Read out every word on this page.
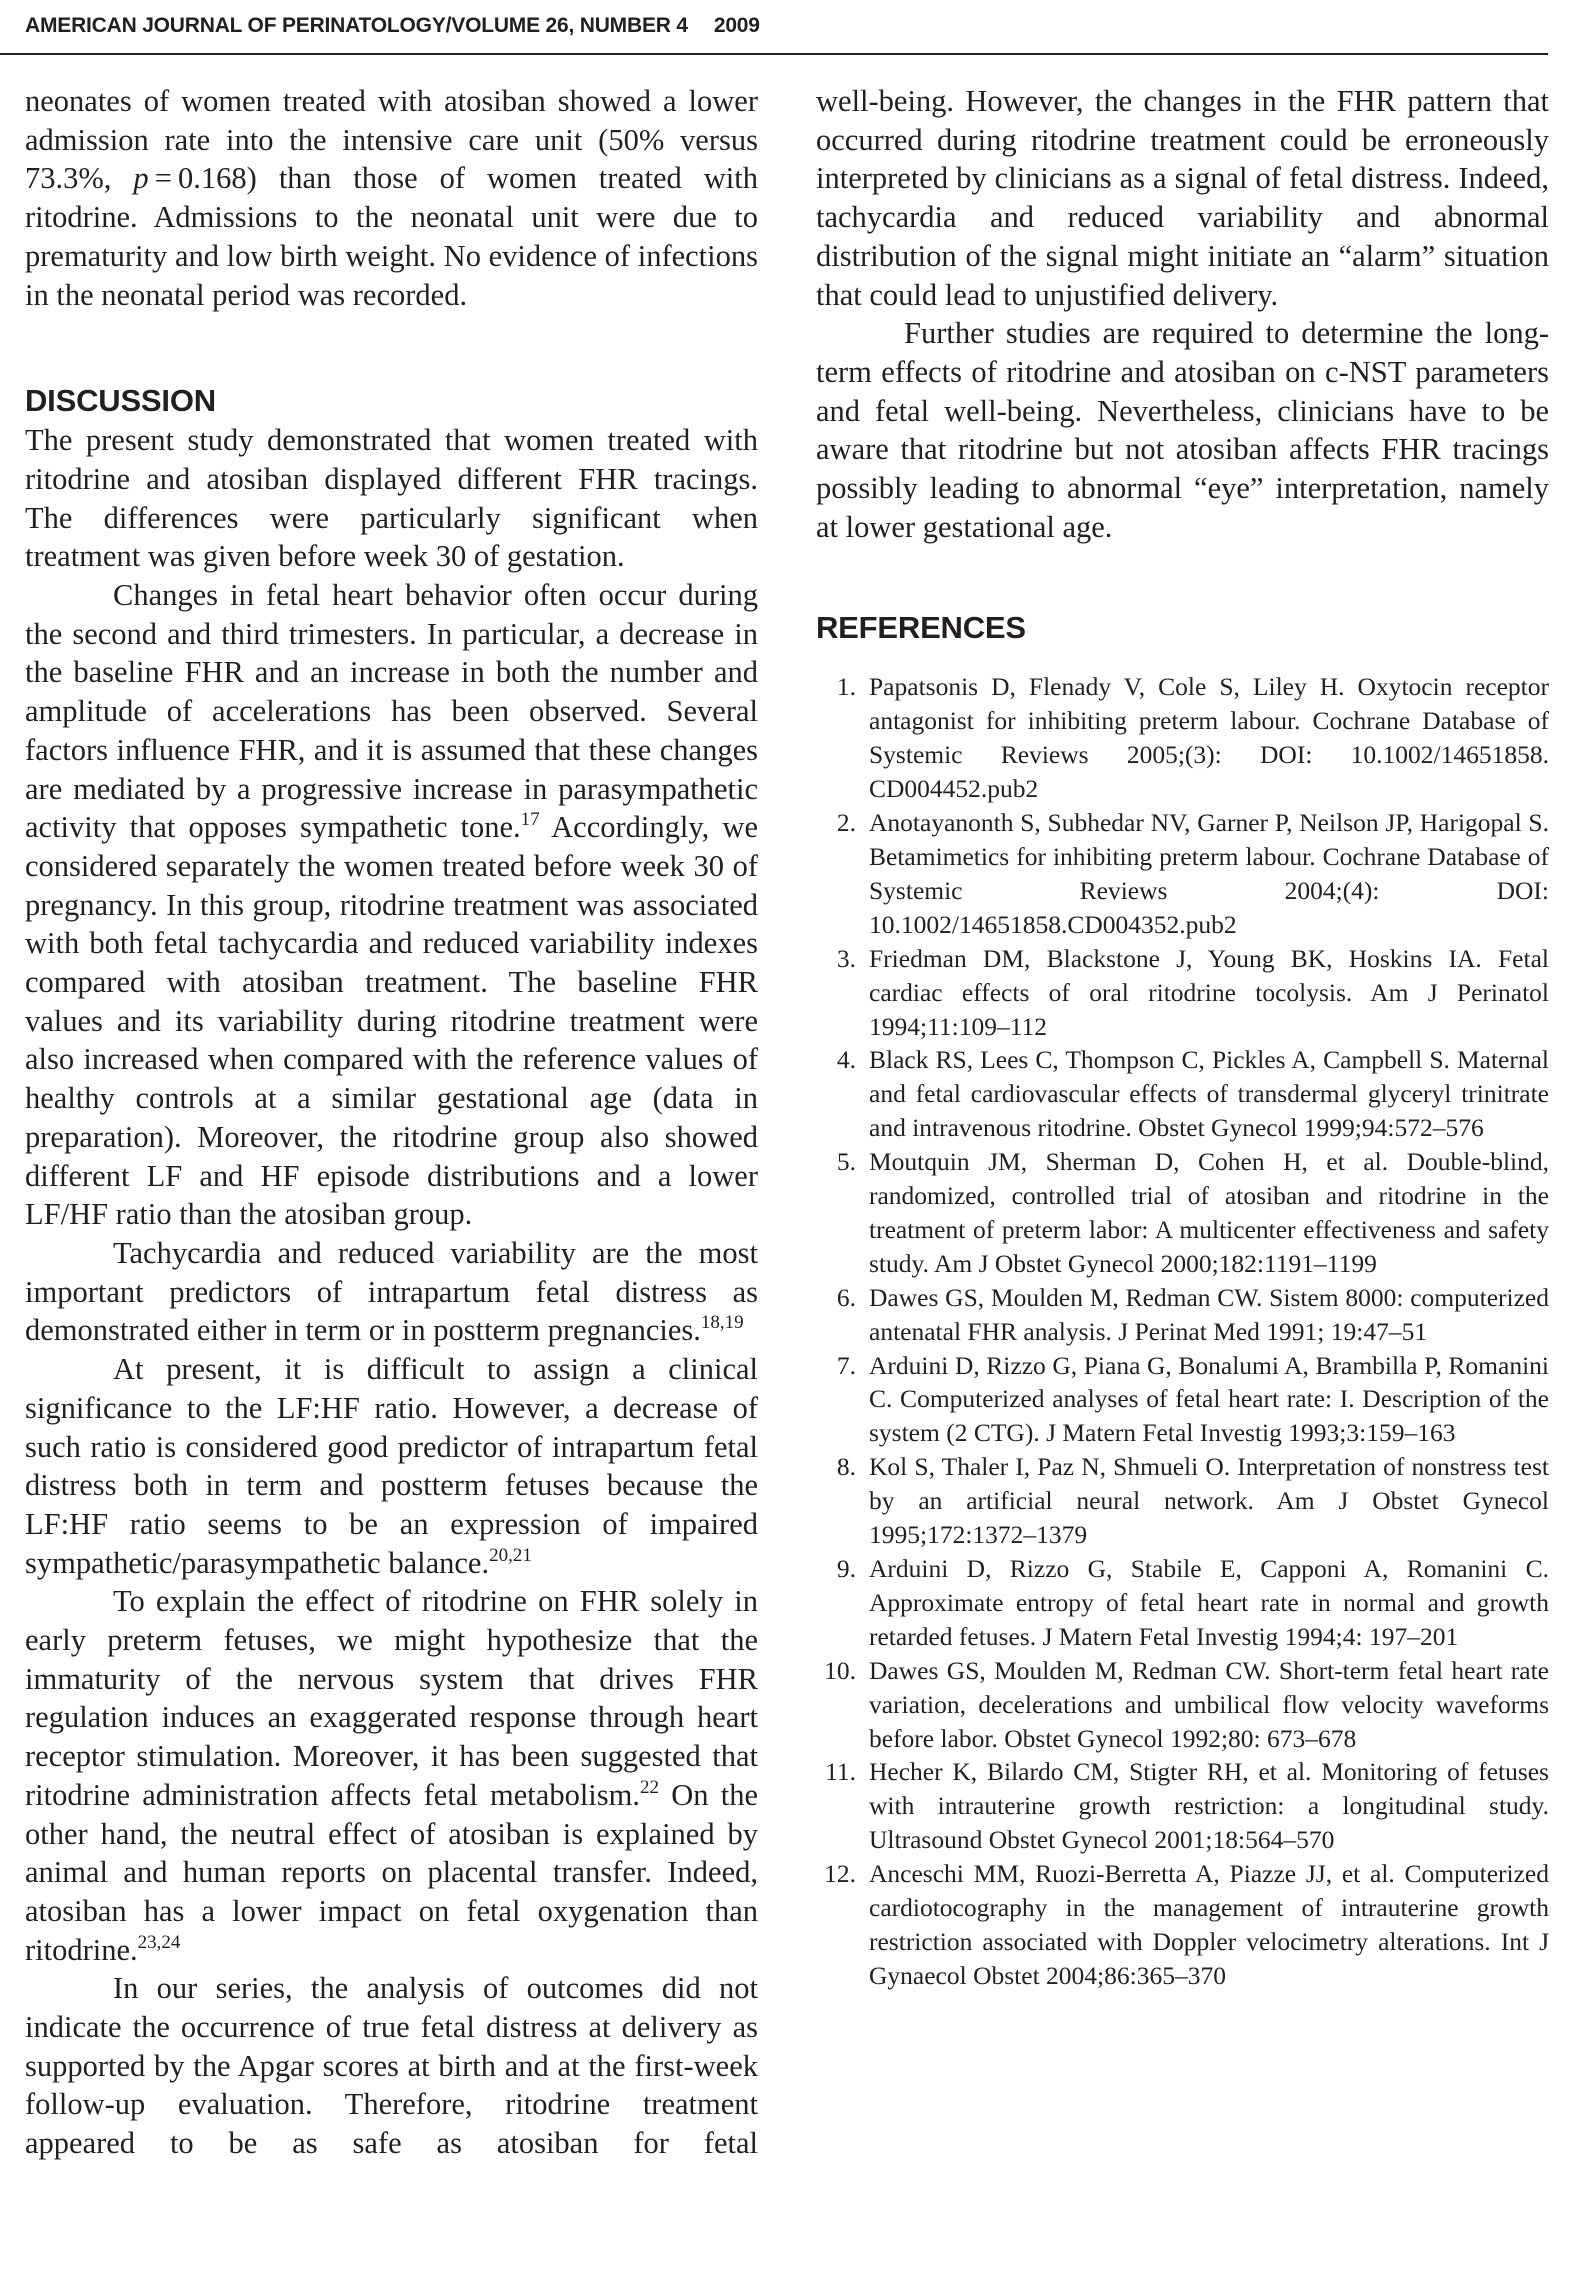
AMERICAN JOURNAL OF PERINATOLOGY/VOLUME 26, NUMBER 4 2009

neonates of women treated with atosiban showed a lower admission rate into the intensive care unit (50% versus 73.3%, p = 0.168) than those of women treated with ritodrine. Admissions to the neonatal unit were due to prematurity and low birth weight. No evidence of infections in the neonatal period was recorded.

DISCUSSION

The present study demonstrated that women treated with ritodrine and atosiban displayed different FHR tracings. The differences were particularly significant when treatment was given before week 30 of gestation.

Changes in fetal heart behavior often occur during the second and third trimesters. In particular, a decrease in the baseline FHR and an increase in both the number and amplitude of accelerations has been observed. Several factors influence FHR, and it is assumed that these changes are mediated by a progressive increase in parasympathetic activity that opposes sympathetic tone.$^{17}$ Accordingly, we considered separately the women treated before week 30 of pregnancy. In this group, ritodrine treatment was associated with both fetal tachycardia and reduced variability indexes compared with atosiban treatment. The baseline FHR values and its variability during ritodrine treatment were also increased when compared with the reference values of healthy controls at a similar gestational age (data in preparation). Moreover, the ritodrine group also showed different LF and HF episode distributions and a lower LF/HF ratio than the atosiban group.

Tachycardia and reduced variability are the most important predictors of intrapartum fetal distress as demonstrated either in term or in postterm pregnancies.$^{18,19}$

At present, it is difficult to assign a clinical significance to the LF:HF ratio. However, a decrease of such ratio is considered good predictor of intrapartum fetal distress both in term and postterm fetuses because the LF:HF ratio seems to be an expression of impaired sympathetic/parasympathetic balance.$^{20,21}$

To explain the effect of ritodrine on FHR solely in early preterm fetuses, we might hypothesize that the immaturity of the nervous system that drives FHR regulation induces an exaggerated response through heart receptor stimulation. Moreover, it has been suggested that ritodrine administration affects fetal metabolism.$^{22}$ On the other hand, the neutral effect of atosiban is explained by animal and human reports on placental transfer. Indeed, atosiban has a lower impact on fetal oxygenation than ritodrine.$^{23,24}$

In our series, the analysis of outcomes did not indicate the occurrence of true fetal distress at delivery as supported by the Apgar scores at birth and at the first-week follow-up evaluation. Therefore, ritodrine treatment appeared to be as safe as atosiban for fetal

well-being. However, the changes in the FHR pattern that occurred during ritodrine treatment could be erroneously interpreted by clinicians as a signal of fetal distress. Indeed, tachycardia and reduced variability and abnormal distribution of the signal might initiate an “alarm” situation that could lead to unjustified delivery.

Further studies are required to determine the long-term effects of ritodrine and atosiban on c-NST parameters and fetal well-being. Nevertheless, clinicians have to be aware that ritodrine but not atosiban affects FHR tracings possibly leading to abnormal “eye” interpretation, namely at lower gestational age.

REFERENCES
1. Papatsonis D, Flenady V, Cole S, Liley H. Oxytocin receptor antagonist for inhibiting preterm labour. Cochrane Database of Systemic Reviews 2005;(3): DOI: 10.1002/14651858. CD004452.pub2
2. Anotayanonth S, Subhedar NV, Garner P, Neilson JP, Harigopal S. Betamimetics for inhibiting preterm labour. Cochrane Database of Systemic Reviews 2004;(4): DOI: 10.1002/14651858.CD004352.pub2
3. Friedman DM, Blackstone J, Young BK, Hoskins IA. Fetal cardiac effects of oral ritodrine tocolysis. Am J Perinatol 1994;11:109–112
4. Black RS, Lees C, Thompson C, Pickles A, Campbell S. Maternal and fetal cardiovascular effects of transdermal glyceryl trinitrate and intravenous ritodrine. Obstet Gynecol 1999;94:572–576
5. Moutquin JM, Sherman D, Cohen H, et al. Double-blind, randomized, controlled trial of atosiban and ritodrine in the treatment of preterm labor: A multicenter effectiveness and safety study. Am J Obstet Gynecol 2000;182:1191–1199
6. Dawes GS, Moulden M, Redman CW. Sistem 8000: computerized antenatal FHR analysis. J Perinat Med 1991; 19:47–51
7. Arduini D, Rizzo G, Piana G, Bonalumi A, Brambilla P, Romanini C. Computerized analyses of fetal heart rate: I. Description of the system (2 CTG). J Matern Fetal Investig 1993;3:159–163
8. Kol S, Thaler I, Paz N, Shmueli O. Interpretation of nonstress test by an artificial neural network. Am J Obstet Gynecol 1995;172:1372–1379
9. Arduini D, Rizzo G, Stabile E, Capponi A, Romanini C. Approximate entropy of fetal heart rate in normal and growth retarded fetuses. J Matern Fetal Investig 1994;4: 197–201
10. Dawes GS, Moulden M, Redman CW. Short-term fetal heart rate variation, decelerations and umbilical flow velocity waveforms before labor. Obstet Gynecol 1992;80: 673–678
11. Hecher K, Bilardo CM, Stigter RH, et al. Monitoring of fetuses with intrauterine growth restriction: a longitudinal study. Ultrasound Obstet Gynecol 2001;18:564–570
12. Anceschi MM, Ruozi-Berretta A, Piazze JJ, et al. Computerized cardiotocography in the management of intrauterine growth restriction associated with Doppler velocimetry alterations. Int J Gynaecol Obstet 2004;86:365–370
